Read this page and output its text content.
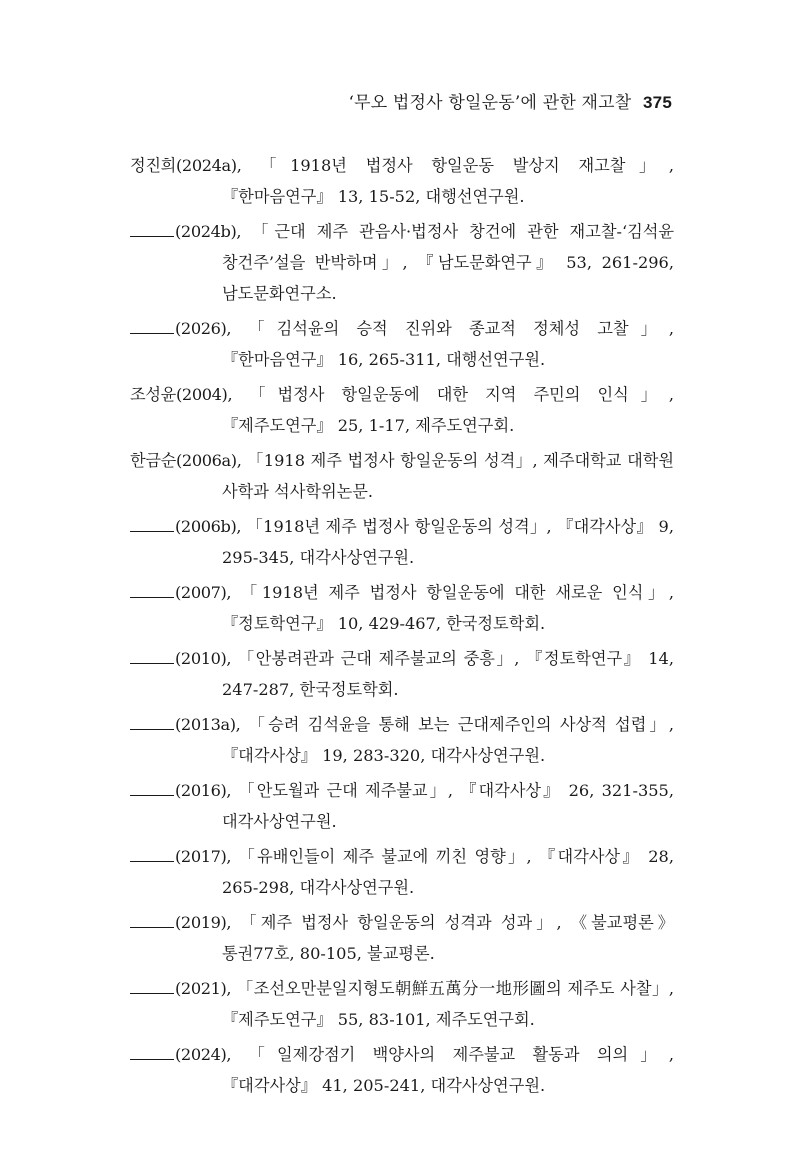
‘무오 법정사 항일운동’에 관한 재고찰 375
정진희(2024a), 「1918년 법정사 항일운동 발상지 재고찰」, 『한마음연구』 13, 15-52, 대행선연구원.
(2024b), 「근대 제주 관음사·법정사 창건에 관한 재고찰-‘김석윤 창건주’설을 반박하며」, 『남도문화연구』 53, 261-296, 남도문화연구소.
(2026), 「김석윤의 승적 진위와 종교적 정체성 고찰」, 『한마음연구』 16, 265-311, 대행선연구원.
조성윤(2004), 「법정사 항일운동에 대한 지역 주민의 인식」, 『제주도연구』 25, 1-17, 제주도연구회.
한금순(2006a), 「1918 제주 법정사 항일운동의 성격」, 제주대학교 대학원 사학과 석사학위논문.
(2006b), 「1918년 제주 법정사 항일운동의 성격」, 『대각사상』 9, 295-345, 대각사상연구원.
(2007), 「1918년 제주 법정사 항일운동에 대한 새로운 인식」, 『정토학연구』 10, 429-467, 한국정토학회.
(2010), 「안봉려관과 근대 제주불교의 중흥」, 『정토학연구』 14, 247-287, 한국정토학회.
(2013a), 「승려 김석윤을 통해 보는 근대제주인의 사상적 섭렵」, 『대각사상』 19, 283-320, 대각사상연구원.
(2016), 「안도월과 근대 제주불교」, 『대각사상』 26, 321-355, 대각사상연구원.
(2017), 「유배인들이 제주 불교에 끼친 영향」, 『대각사상』 28, 265-298, 대각사상연구원.
(2019), 「제주 법정사 항일운동의 성격과 성과」, 《불교평론》 통권77호, 80-105, 불교평론.
(2021), 「조선오만분일지형도朝鮮五萬分一地形圖의 제주도 사찰」, 『제주도연구』 55, 83-101, 제주도연구회.
(2024), 「일제강점기 백양사의 제주불교 활동과 의의」, 『대각사상』 41, 205-241, 대각사상연구원.
